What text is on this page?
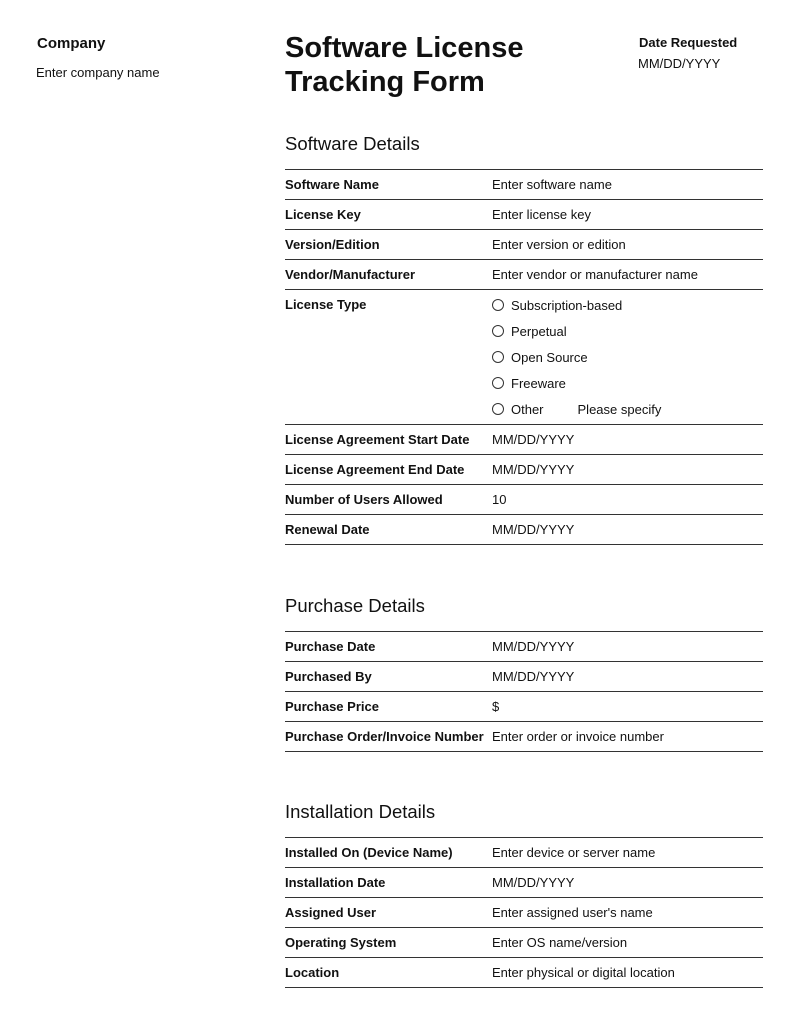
Company
Enter company name
Software License Tracking Form
Date Requested
MM/DD/YYYY
Software Details
Software Name	Enter software name
License Key	Enter license key
Version/Edition	Enter version or edition
Vendor/Manufacturer	Enter vendor or manufacturer name
License Type	Subscription-based
Perpetual
Open Source
Freeware
Other	Please specify
License Agreement Start Date	MM/DD/YYYY
License Agreement End Date	MM/DD/YYYY
Number of Users Allowed	10
Renewal Date	MM/DD/YYYY
Purchase Details
Purchase Date	MM/DD/YYYY
Purchased By	MM/DD/YYYY
Purchase Price	$
Purchase Order/Invoice Number Enter order or invoice number
Installation Details
Installed On (Device Name)	Enter device or server name
Installation Date	MM/DD/YYYY
Assigned User	Enter assigned user's name
Operating System	Enter OS name/version
Location	Enter physical or digital location
